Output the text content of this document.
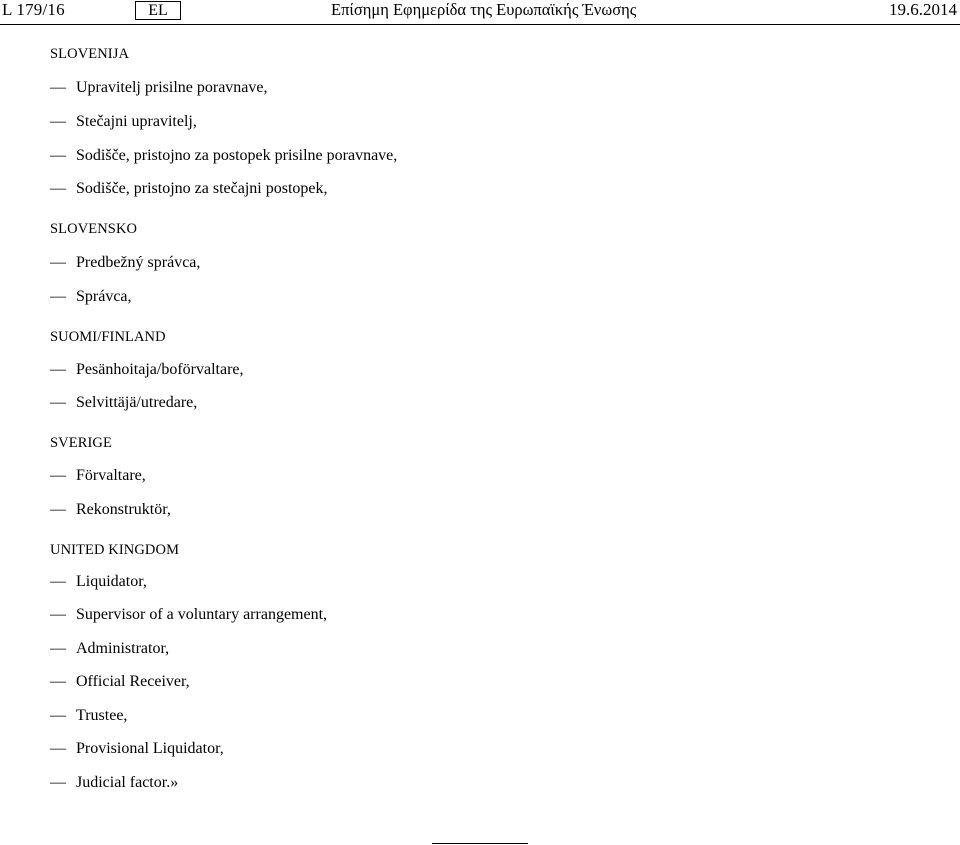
L 179/16	EL	Επίσημη Εφημερίδα της Ευρωπαϊκής Ένωσης	19.6.2014
SLOVENIJA
— Upravitelj prisilne poravnave,
— Stečajni upravitelj,
— Sodišče, pristojno za postopek prisilne poravnave,
— Sodišče, pristojno za stečajni postopek,
SLOVENSKO
— Predbežný správca,
— Správca,
SUOMI/FINLAND
— Pesänhoitaja/boförvaltare,
— Selvittäjä/utredare,
SVERIGE
— Förvaltare,
— Rekonstruktör,
UNITED KINGDOM
— Liquidator,
— Supervisor of a voluntary arrangement,
— Administrator,
— Official Receiver,
— Trustee,
— Provisional Liquidator,
— Judicial factor.»
